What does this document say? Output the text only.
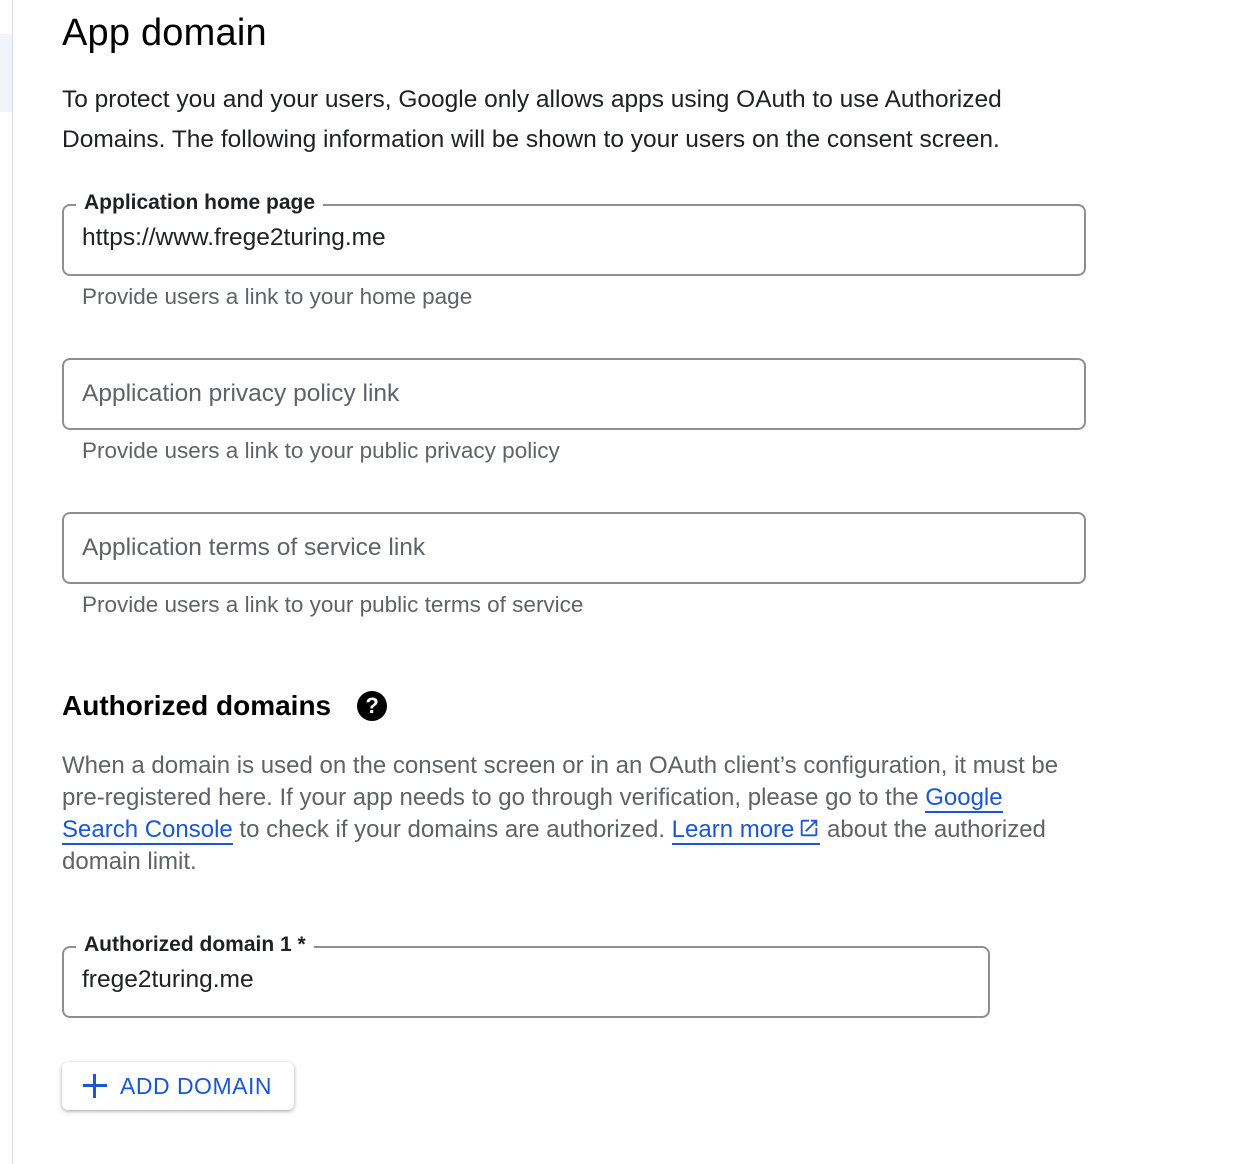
App domain

To protect you and your users, Google only allows apps using OAuth to use Authorized Domains. The following information will be shown to your users on the consent screen.

Application home page
https://www.frege2turing.me
Provide users a link to your home page
Application privacy policy link
Provide users a link to your public privacy policy
Application terms of service link
Provide users a link to your public terms of service
Authorized domains	?

When a domain is used on the consent screen or in an OAuth client’s configuration, it must be pre-registered here. If your app needs to go through verification, please go to the Google Search Console to check if your domains are authorized. Learn more about the authorized domain limit.

Authorized domain 1 *
frege2turing.me
ADD DOMAIN
